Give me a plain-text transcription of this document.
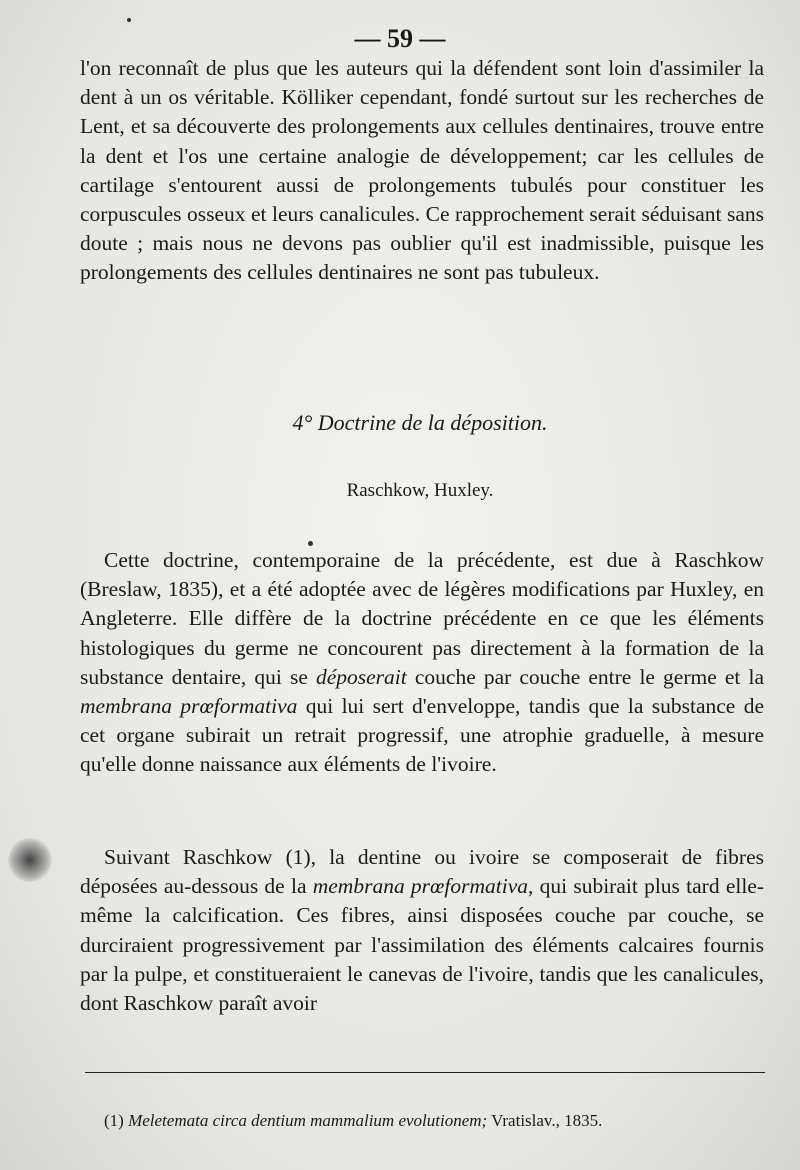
— 59 —
l'on reconnaît de plus que les auteurs qui la défendent sont loin d'assimiler la dent à un os véritable. Kölliker cependant, fondé surtout sur les recherches de Lent, et sa découverte des prolongements aux cellules dentinaires, trouve entre la dent et l'os une certaine analogie de développement; car les cellules de cartilage s'entourent aussi de prolongements tubulés pour constituer les corpuscules osseux et leurs canalicules. Ce rapprochement serait séduisant sans doute ; mais nous ne devons pas oublier qu'il est inadmissible, puisque les prolongements des cellules dentinaires ne sont pas tubuleux.
4° Doctrine de la déposition.
Raschkow, Huxley.
Cette doctrine, contemporaine de la précédente, est due à Raschkow (Breslaw, 1835), et a été adoptée avec de légères modifications par Huxley, en Angleterre. Elle diffère de la doctrine précédente en ce que les éléments histologiques du germe ne concourent pas directement à la formation de la substance dentaire, qui se déposerait couche par couche entre le germe et la membrana prœformativa qui lui sert d'enveloppe, tandis que la substance de cet organe subirait un retrait progressif, une atrophie graduelle, à mesure qu'elle donne naissance aux éléments de l'ivoire.
Suivant Raschkow (1), la dentine ou ivoire se composerait de fibres déposées au-dessous de la membrana prœformativa, qui subirait plus tard elle-même la calcification. Ces fibres, ainsi disposées couche par couche, se durciraient progressivement par l'assimilation des éléments calcaires fournis par la pulpe, et constitueraient le canevas de l'ivoire, tandis que les canalicules, dont Raschkow paraît avoir
(1) Meletemata circa dentium mammalium evolutionem; Vratislav., 1835.
